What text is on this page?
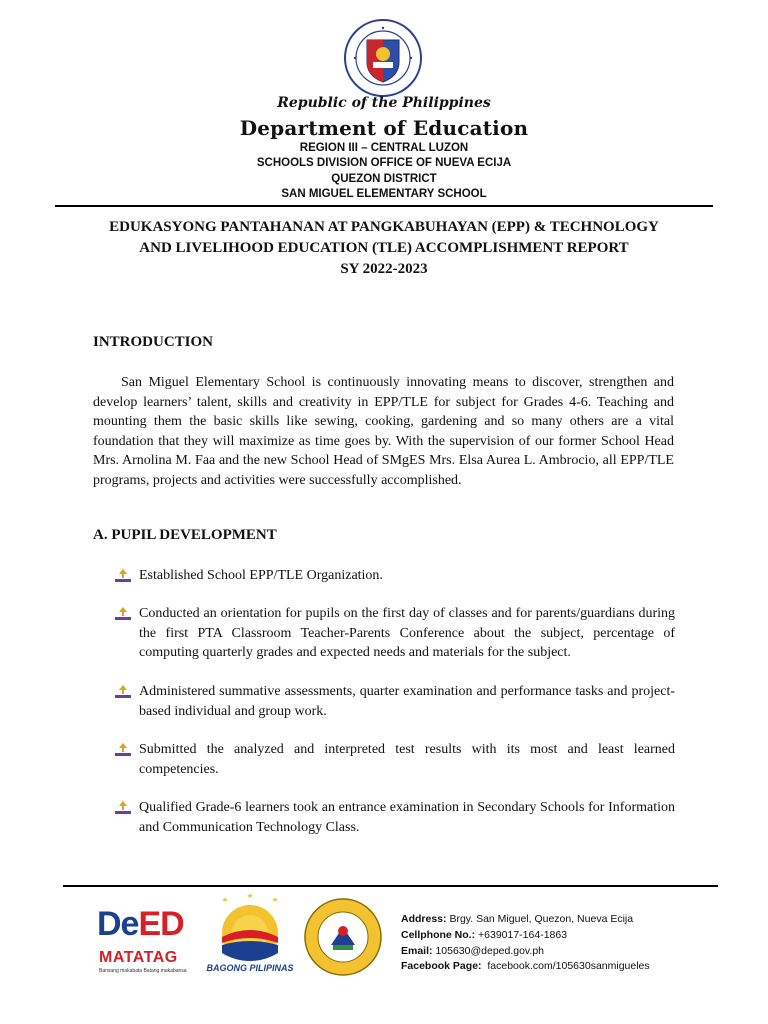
Republic of the Philippines
Department of Education
REGION III – CENTRAL LUZON
SCHOOLS DIVISION OFFICE OF NUEVA ECIJA
QUEZON DISTRICT
SAN MIGUEL ELEMENTARY SCHOOL
EDUKASYONG PANTAHANAN AT PANGKABUHAYAN (EPP) & TECHNOLOGY
AND LIVELIHOOD EDUCATION (TLE) ACCOMPLISHMENT REPORT
SY 2022-2023
INTRODUCTION
San Miguel Elementary School is continuously innovating means to discover, strengthen and develop learners’ talent, skills and creativity in EPP/TLE for subject for Grades 4-6. Teaching and mounting them the basic skills like sewing, cooking, gardening and so many others are a vital foundation that they will maximize as time goes by. With the supervision of our former School Head Mrs. Arnolina M. Faa and the new School Head of SMgES Mrs. Elsa Aurea L. Ambrocio, all EPP/TLE programs, projects and activities were successfully accomplished.
A. PUPIL DEVELOPMENT
Established School EPP/TLE Organization.
Conducted an orientation for pupils on the first day of classes and for parents/guardians during the first PTA Classroom Teacher-Parents Conference about the subject, percentage of computing quarterly grades and expected needs and materials for the subject.
Administered summative assessments, quarter examination and performance tasks and project-based individual and group work.
Submitted the analyzed and interpreted test results with its most and least learned competencies.
Qualified Grade-6 learners took an entrance examination in Secondary Schools for Information and Communication Technology Class.
DeED
MATATAG
Bansang makabata Batang makabansa BAGONG PILIPINAS
Address: Brgy. San Miguel, Quezon, Nueva Ecija
Cellphone No.: +639017-164-1863
Email: 105630@deped.gov.ph
Facebook Page: facebook.com/105630sanmigueles
